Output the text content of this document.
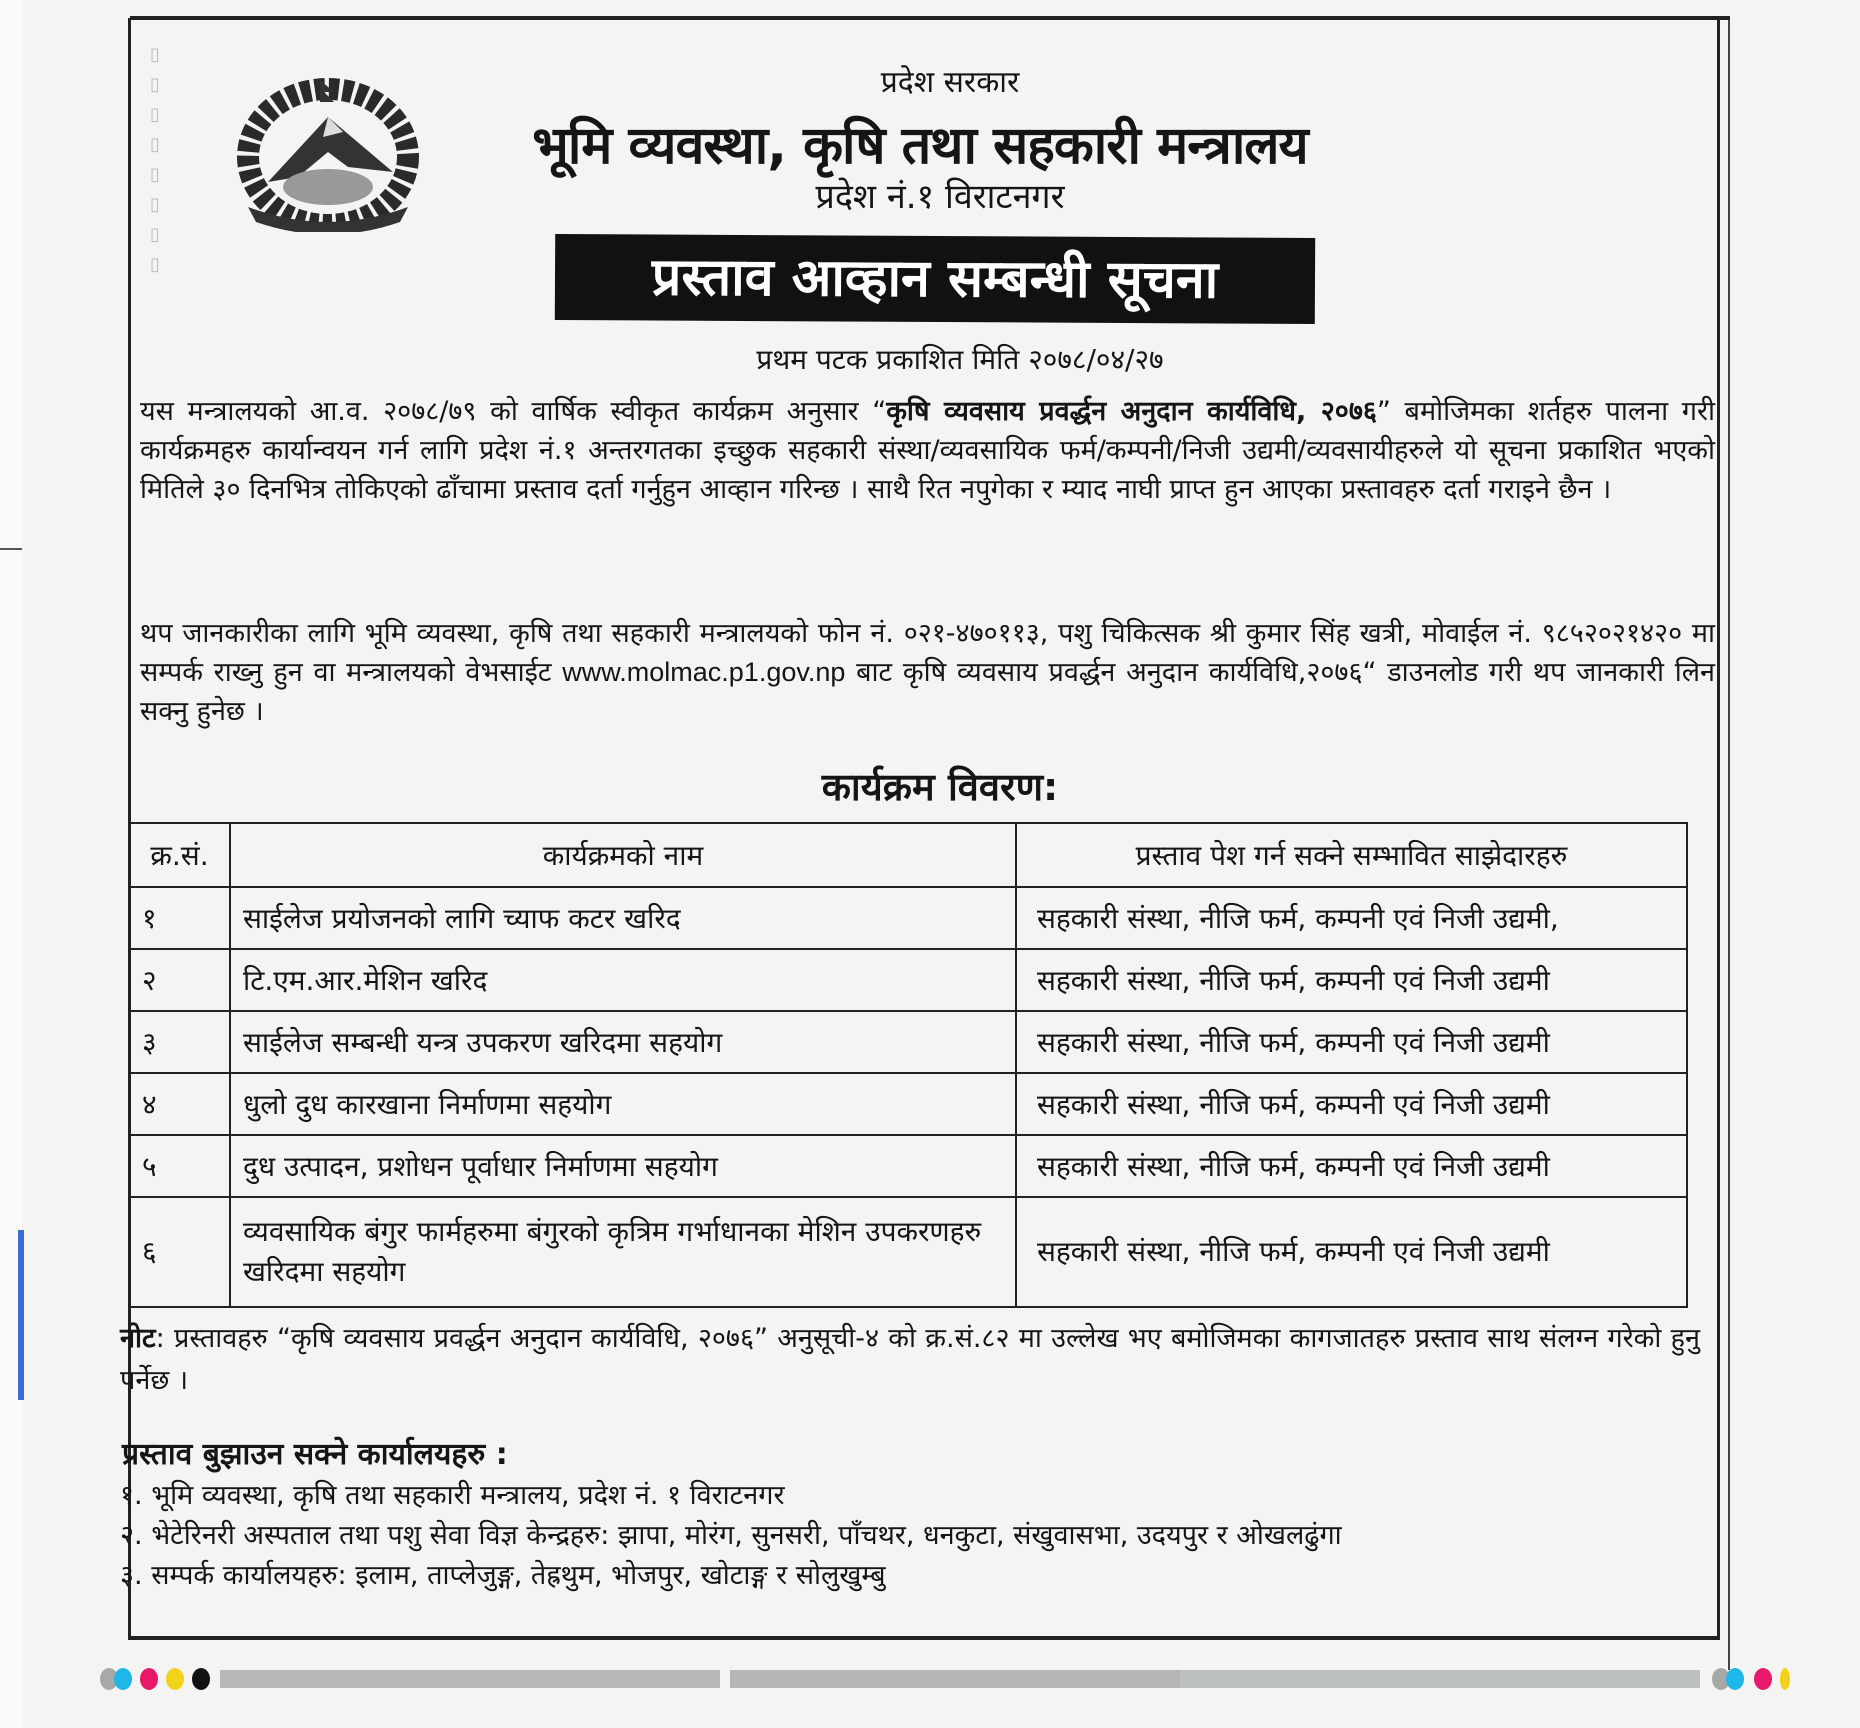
▯
▯
▯
▯
▯
▯
▯
▯
प्रदेश सरकार
भूमि व्यवस्था, कृषि तथा सहकारी मन्त्रालय
प्रदेश नं.१ विराटनगर
प्रस्ताव आव्हान सम्बन्धी सूचना
प्रथम पटक प्रकाशित मिति २०७८/०४/२७
यस मन्त्रालयको आ.व. २०७८/७९ को वार्षिक स्वीकृत कार्यक्रम अनुसार “कृषि व्यवसाय प्रवर्द्धन अनुदान कार्यविधि, २०७६” बमोजिमका शर्तहरु पालना गरी कार्यक्रमहरु कार्यान्वयन गर्न लागि प्रदेश नं.१ अन्तरगतका इच्छुक सहकारी संस्था/व्यवसायिक फर्म/कम्पनी/निजी उद्यमी/व्यवसायीहरुले यो सूचना प्रकाशित भएको मितिले ३० दिनभित्र तोकिएको ढाँचामा प्रस्ताव दर्ता गर्नुहुन आव्हान गरिन्छ । साथै रित नपुगेका र म्याद नाघी प्राप्त हुन आएका प्रस्तावहरु दर्ता गराइने छैन ।
थप जानकारीका लागि भूमि व्यवस्था, कृषि तथा सहकारी मन्त्रालयको फोन नं. ०२१-४७०११३, पशु चिकित्सक श्री कुमार सिंह खत्री, मोवाईल नं. ९८५२०२१४२० मा सम्पर्क राख्नु हुन वा मन्त्रालयको वेभसाईट www.molmac.p1.gov.np बाट कृषि व्यवसाय प्रवर्द्धन अनुदान कार्यविधि,२०७६“ डाउनलोड गरी थप जानकारी लिन सक्नु हुनेछ ।
कार्यक्रम विवरण:
क्र.सं.	कार्यक्रमको नाम	प्रस्ताव पेश गर्न सक्ने सम्भावित साझेदारहरु
१	साईलेज प्रयोजनको लागि च्याफ कटर खरिद	सहकारी संस्था, नीजि फर्म, कम्पनी एवं निजी उद्यमी,
२	टि.एम.आर.मेशिन खरिद	सहकारी संस्था, नीजि फर्म, कम्पनी एवं निजी उद्यमी
३	साईलेज सम्बन्धी यन्त्र उपकरण खरिदमा सहयोग	सहकारी संस्था, नीजि फर्म, कम्पनी एवं निजी उद्यमी
४	धुलो दुध कारखाना निर्माणमा सहयोग	सहकारी संस्था, नीजि फर्म, कम्पनी एवं निजी उद्यमी
५	दुध उत्पादन, प्रशोधन पूर्वाधार निर्माणमा सहयोग	सहकारी संस्था, नीजि फर्म, कम्पनी एवं निजी उद्यमी
६	व्यवसायिक बंगुर फार्महरुमा बंगुरको कृत्रिम गर्भाधानका मेशिन उपकरणहरु खरिदमा सहयोग	सहकारी संस्था, नीजि फर्म, कम्पनी एवं निजी उद्यमी
नोट: प्रस्तावहरु “कृषि व्यवसाय प्रवर्द्धन अनुदान कार्यविधि, २०७६” अनुसूची-४ को क्र.सं.८२ मा उल्लेख भए बमोजिमका कागजातहरु प्रस्ताव साथ संलग्न गरेको हुनु पर्नेछ ।
प्रस्ताव बुझाउन सक्ने कार्यालयहरु :
१. भूमि व्यवस्था, कृषि तथा सहकारी मन्त्रालय, प्रदेश नं. १ विराटनगर
२. भेटेरिनरी अस्पताल तथा पशु सेवा विज्ञ केन्द्रहरु: झापा, मोरंग, सुनसरी, पाँचथर, धनकुटा, संखुवासभा, उदयपुर र ओखलढुंगा
३. सम्पर्क कार्यालयहरु: इलाम, ताप्लेजुङ्ग, तेह्रथुम, भोजपुर, खोटाङ्ग र सोलुखुम्बु
